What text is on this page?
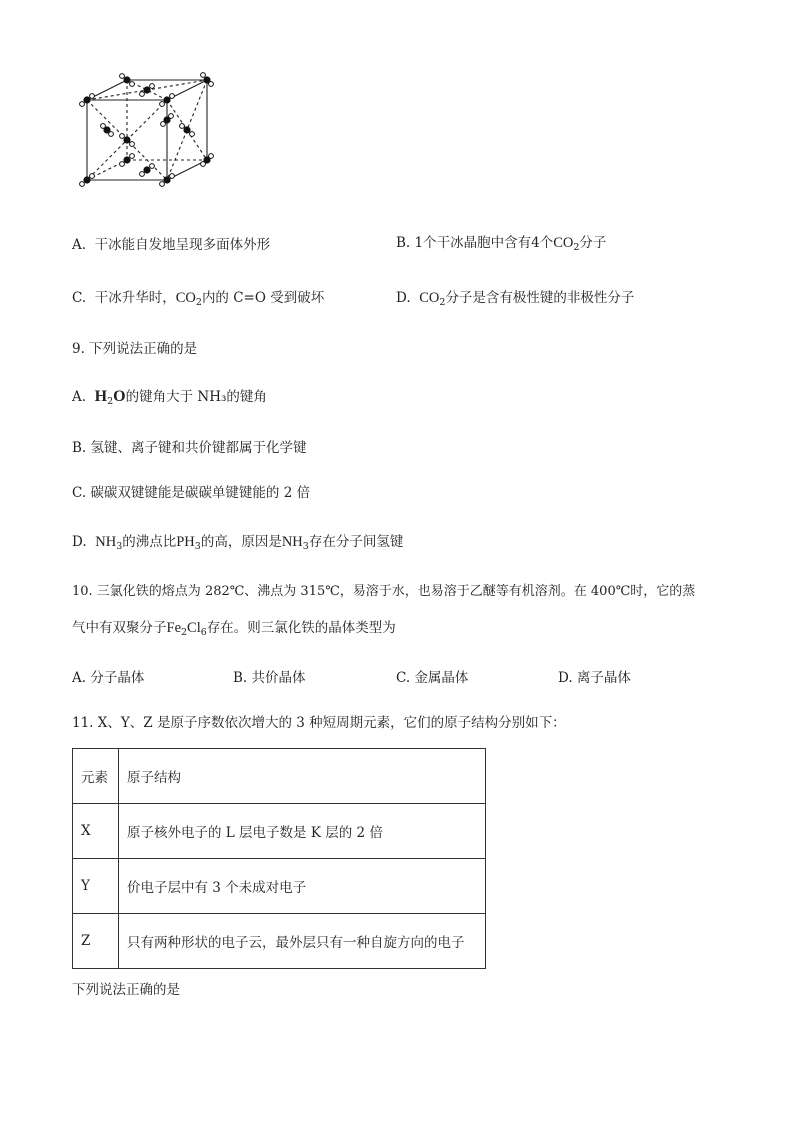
A. 干冰能自发地呈现多面体外形	B. 1个干冰晶胞中含有4个$CO_2$分子
C. 干冰升华时，$CO_2$内的 C=O 受到破坏	D. $CO_2$分子是含有极性键的非极性分子
9. 下列说法正确的是
A. $H_2O$的键角大于 NH₃的键角
B. 氢键、离子键和共价键都属于化学键
C. 碳碳双键键能是碳碳单键键能的 2 倍
D. $NH_3$的沸点比$PH_3$的高，原因是$NH_3$存在分子间氢键
10. 三氯化铁的熔点为 282℃、沸点为 315℃，易溶于水，也易溶于乙醚等有机溶剂。在 400℃时，它的蒸
气中有双聚分子$Fe_2Cl_6$存在。则三氯化铁的晶体类型为
A. 分子晶体	B. 共价晶体	C. 金属晶体	D. 离子晶体
11. X、Y、Z 是原子序数依次增大的 3 种短周期元素，它们的原子结构分别如下：
元素	原子结构
X	原子核外电子的 L 层电子数是 K 层的 2 倍
Y	价电子层中有 3 个未成对电子
Z	只有两种形状的电子云，最外层只有一种自旋方向的电子
下列说法正确的是
